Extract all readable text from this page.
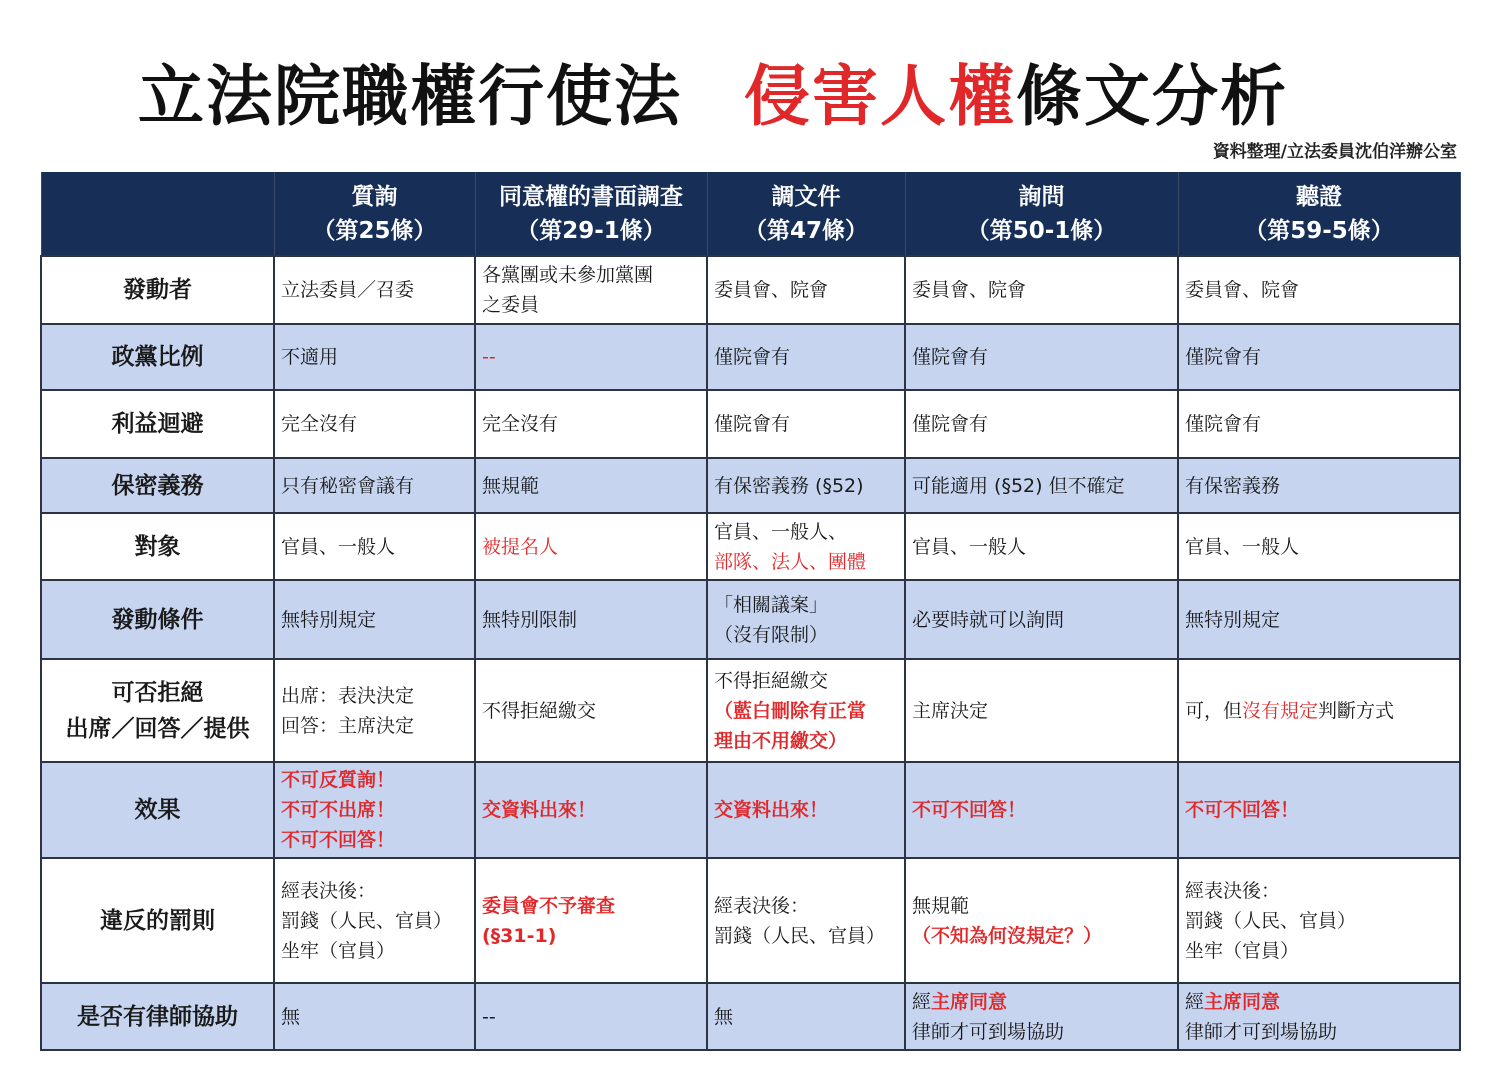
立法院職權行使法 侵害人權條文分析
資料整理/立法委員沈伯洋辦公室

	質詢
（第25條）	同意權的書面調查
（第29-1條）	調文件
（第47條）	詢問
（第50-1條）	聽證
（第59-5條）

發動者	立法委員／召委	各黨團或未參加黨團
之委員	委員會、院會	委員會、院會	委員會、院會

政黨比例	不適用	--	僅院會有	僅院會有	僅院會有

利益迴避	完全沒有	完全沒有	僅院會有	僅院會有	僅院會有

保密義務	只有秘密會議有	無規範	有保密義務 (§52)	可能適用 (§52) 但不確定	有保密義務

對象	官員、一般人	被提名人	官員、一般人、
部隊、法人、團體	官員、一般人	官員、一般人

發動條件	無特別規定	無特別限制	「相關議案」
（沒有限制）	必要時就可以詢問	無特別規定

可否拒絕
出席／回答／提供	出席：表決決定
回答：主席決定	不得拒絕繳交	不得拒絕繳交
（藍白刪除有正當
理由不用繳交）	主席決定	可，但沒有規定判斷方式

效果	不可反質詢！
不可不出席！
不可不回答！	交資料出來！	交資料出來！	不可不回答！	不可不回答！

違反的罰則	經表決後：
罰錢（人民、官員）
坐牢（官員）	委員會不予審查
(§31-1)	經表決後：
罰錢（人民、官員）	無規範
（不知為何沒規定？）	經表決後：
罰錢（人民、官員）
坐牢（官員）

是否有律師協助	無	--	無	經主席同意
律師才可到場協助	經主席同意
律師才可到場協助
